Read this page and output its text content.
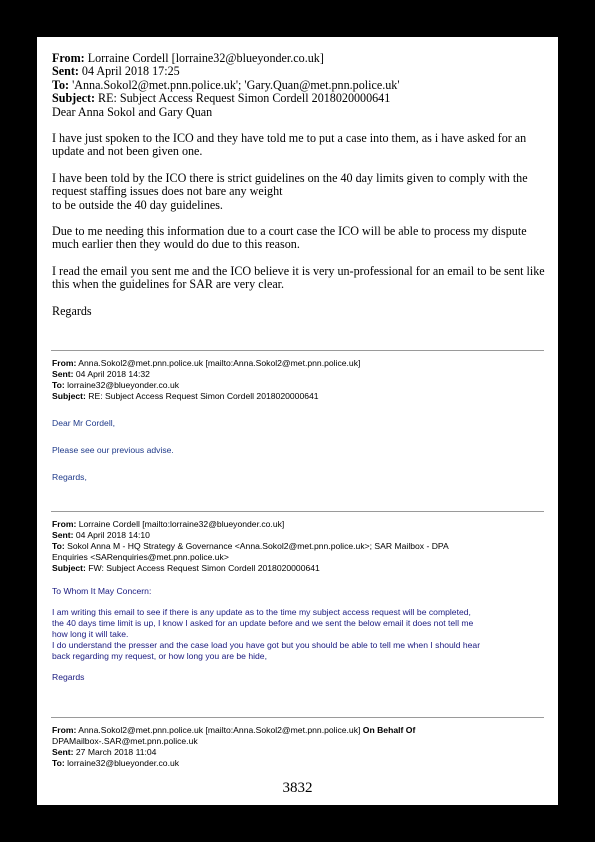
From: Lorraine Cordell [lorraine32@blueyonder.co.uk]
Sent: 04 April 2018 17:25
To: 'Anna.Sokol2@met.pnn.police.uk'; 'Gary.Quan@met.pnn.police.uk'
Subject: RE: Subject Access Request Simon Cordell 2018020000641
Dear Anna Sokol and Gary Quan

I have just spoken to the ICO and they have told me to put a case into them, as i have asked for an update and not been given one.

I have been told by the ICO there is strict guidelines on the 40 day limits given to comply with the request staffing issues does not bare any weight
to be outside the 40 day guidelines.

Due to me needing this information due to a court case the ICO will be able to process my dispute much earlier then they would do due to this reason.

I read the email you sent me and the ICO believe it is very un-professional for an email to be sent like this when the guidelines for SAR are very clear.

Regards

From: Anna.Sokol2@met.pnn.police.uk [mailto:Anna.Sokol2@met.pnn.police.uk]
Sent: 04 April 2018 14:32
To: lorraine32@blueyonder.co.uk
Subject: RE: Subject Access Request Simon Cordell 2018020000641
Dear Mr Cordell,
Please see our previous advise.
Regards,
From: Lorraine Cordell [mailto:lorraine32@blueyonder.co.uk]
Sent: 04 April 2018 14:10
To: Sokol Anna M - HQ Strategy & Governance <Anna.Sokol2@met.pnn.police.uk>; SAR Mailbox - DPA
Enquiries <SARenquiries@met.pnn.police.uk>
Subject: FW: Subject Access Request Simon Cordell 2018020000641
To Whom It May Concern:
I am writing this email to see if there is any update as to the time my subject access request will be completed,
the 40 days time limit is up, I know I asked for an update before and we sent the below email it does not tell me
how long it will take.
I do understand the presser and the case load you have got but you should be able to tell me when I should hear
back regarding my request, or how long you are be hide,
Regards
From: Anna.Sokol2@met.pnn.police.uk [mailto:Anna.Sokol2@met.pnn.police.uk] On Behalf Of
DPAMailbox-.SAR@met.pnn.police.uk
Sent: 27 March 2018 11:04
To: lorraine32@blueyonder.co.uk
3832
